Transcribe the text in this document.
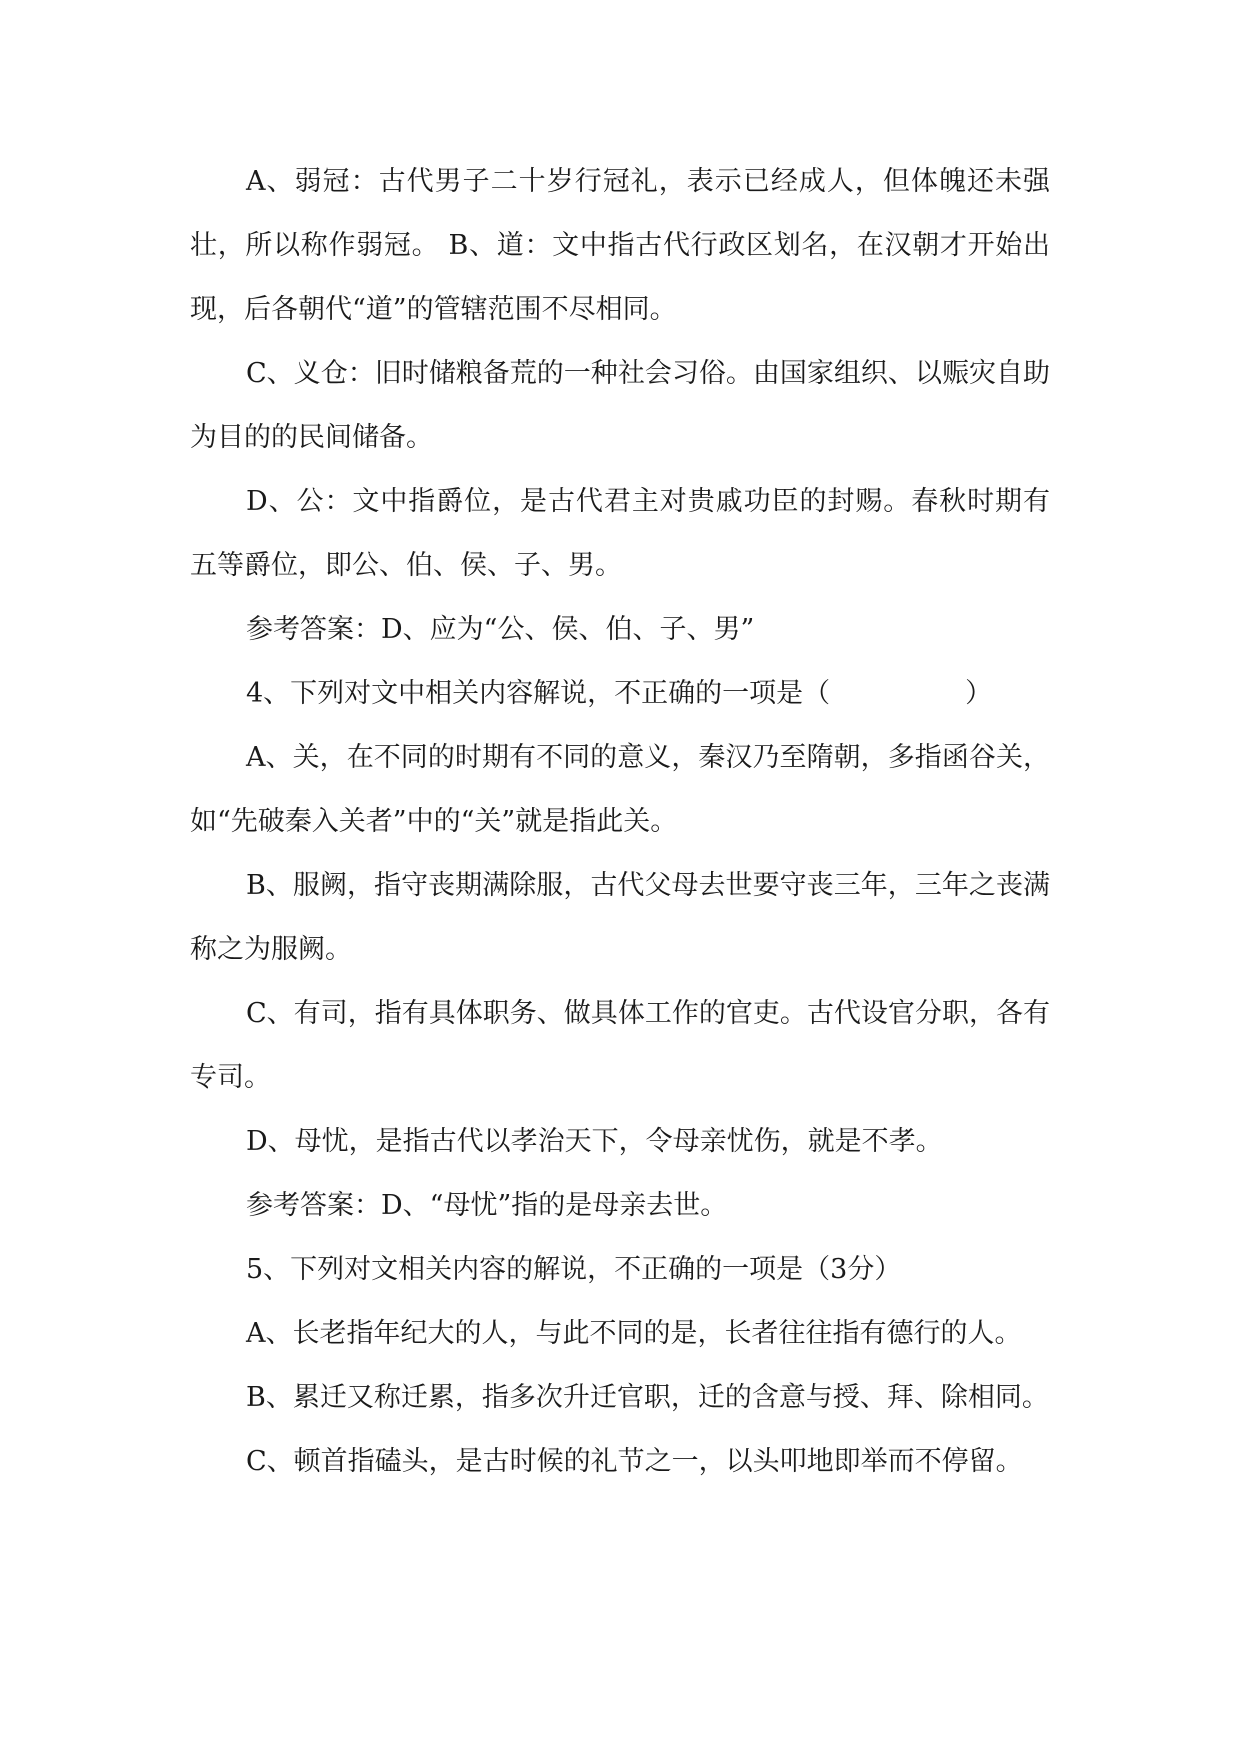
A、弱冠：古代男子二十岁行冠礼，表示已经成人，但体魄还未强壮，所以称作弱冠。 B、道：文中指古代行政区划名，在汉朝才开始出现，后各朝代“道”的管辖范围不尽相同。

C、义仓：旧时储粮备荒的一种社会习俗。由国家组织、以赈灾自助为目的的民间储备。

D、公：文中指爵位，是古代君主对贵戚功臣的封赐。春秋时期有五等爵位，即公、伯、侯、子、男。

参考答案：D、应为“公、侯、伯、子、男”

4、下列对文中相关内容解说，不正确的一项是（　　　　　）

A、关，在不同的时期有不同的意义，秦汉乃至隋朝，多指函谷关，如“先破秦入关者”中的“关”就是指此关。

B、服阙，指守丧期满除服，古代父母去世要守丧三年，三年之丧满称之为服阙。

C、有司，指有具体职务、做具体工作的官吏。古代设官分职，各有专司。

D、母忧，是指古代以孝治天下，令母亲忧伤，就是不孝。

参考答案：D、“母忧”指的是母亲去世。

5、下列对文相关内容的解说，不正确的一项是（3分）

A、长老指年纪大的人，与此不同的是，长者往往指有德行的人。

B、累迁又称迁累，指多次升迁官职，迁的含意与授、拜、除相同。

C、顿首指磕头，是古时候的礼节之一，以头叩地即举而不停留。
